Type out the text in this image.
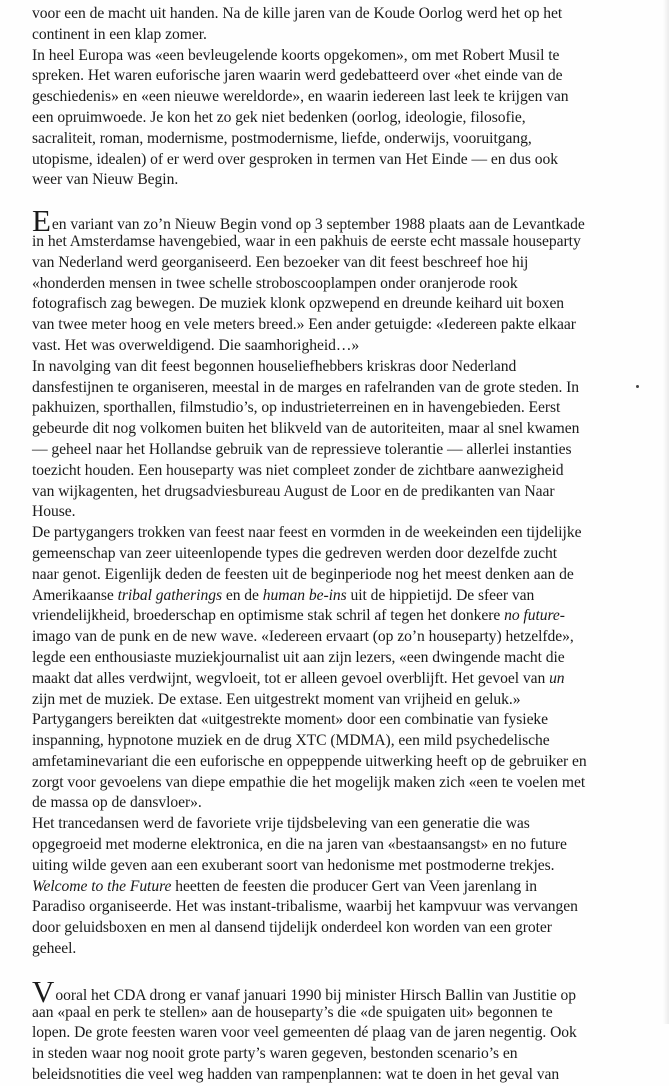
voor een de macht uit handen. Na de kille jaren van de Koude Oorlog werd het op het
continent in een klap zomer.
In heel Europa was «een bevleugelende koorts opgekomen», om met Robert Musil te
spreken. Het waren euforische jaren waarin werd gedebatteerd over «het einde van de
geschiedenis» en «een nieuwe wereldorde», en waarin iedereen last leek te krijgen van
een opruimwoede. Je kon het zo gek niet bedenken (oorlog, ideologie, filosofie,
sacraliteit, roman, modernisme, postmodernisme, liefde, onderwijs, vooruitgang,
utopisme, idealen) of er werd over gesproken in termen van Het Einde — en dus ook
weer van Nieuw Begin.
Een variant van zo’n Nieuw Begin vond op 3 september 1988 plaats aan de Levantkade
in het Amsterdamse havengebied, waar in een pakhuis de eerste echt massale houseparty
van Nederland werd georganiseerd. Een bezoeker van dit feest beschreef hoe hij
«honderden mensen in twee schelle stroboscooplampen onder oranjerode rook
fotografisch zag bewegen. De muziek klonk opzwepend en dreunde keihard uit boxen
van twee meter hoog en vele meters breed.» Een ander getuigde: «Iedereen pakte elkaar
vast. Het was overweldigend. Die saamhorigheid…»
In navolging van dit feest begonnen houseliefhebbers kriskras door Nederland
dansfestijnen te organiseren, meestal in de marges en rafelranden van de grote steden. In
pakhuizen, sporthallen, filmstudio’s, op industrieterreinen en in havengebieden. Eerst
gebeurde dit nog volkomen buiten het blikveld van de autoriteiten, maar al snel kwamen
— geheel naar het Hollandse gebruik van de repressieve tolerantie — allerlei instanties
toezicht houden. Een houseparty was niet compleet zonder de zichtbare aanwezigheid
van wijkagenten, het drugsadviesbureau August de Loor en de predikanten van Naar
House.
De partygangers trokken van feest naar feest en vormden in de weekeinden een tijdelijke
gemeenschap van zeer uiteenlopende types die gedreven werden door dezelfde zucht
naar genot. Eigenlijk deden de feesten uit de beginperiode nog het meest denken aan de
Amerikaanse tribal gatherings en de human be-ins uit de hippietijd. De sfeer van
vriendelijkheid, broederschap en optimisme stak schril af tegen het donkere no future-
imago van de punk en de new wave. «Iedereen ervaart (op zo’n houseparty) hetzelfde»,
legde een enthousiaste muziekjournalist uit aan zijn lezers, «een dwingende macht die
maakt dat alles verdwijnt, wegvloeit, tot er alleen gevoel overblijft. Het gevoel van un
zijn met de muziek. De extase. Een uitgestrekt moment van vrijheid en geluk.»
Partygangers bereikten dat «uitgestrekte moment» door een combinatie van fysieke
inspanning, hypnotone muziek en de drug XTC (MDMA), een mild psychedelische
amfetaminevariant die een euforische en oppeppende uitwerking heeft op de gebruiker en
zorgt voor gevoelens van diepe empathie die het mogelijk maken zich «een te voelen met
de massa op de dansvloer».
Het trancedansen werd de favoriete vrije tijdsbeleving van een generatie die was
opgegroeid met moderne elektronica, en die na jaren van «bestaansangst» en no future
uiting wilde geven aan een exuberant soort van hedonisme met postmoderne trekjes.
Welcome to the Future heetten de feesten die producer Gert van Veen jarenlang in
Paradiso organiseerde. Het was instant-tribalisme, waarbij het kampvuur was vervangen
door geluidsboxen en men al dansend tijdelijk onderdeel kon worden van een groter
geheel.
Vooral het CDA drong er vanaf januari 1990 bij minister Hirsch Ballin van Justitie op
aan «paal en perk te stellen» aan de houseparty’s die «de spuigaten uit» begonnen te
lopen. De grote feesten waren voor veel gemeenten dé plaag van de jaren negentig. Ook
in steden waar nog nooit grote party’s waren gegeven, bestonden scenario’s en
beleidsnotities die veel weg hadden van rampenplannen: wat te doen in het geval van
